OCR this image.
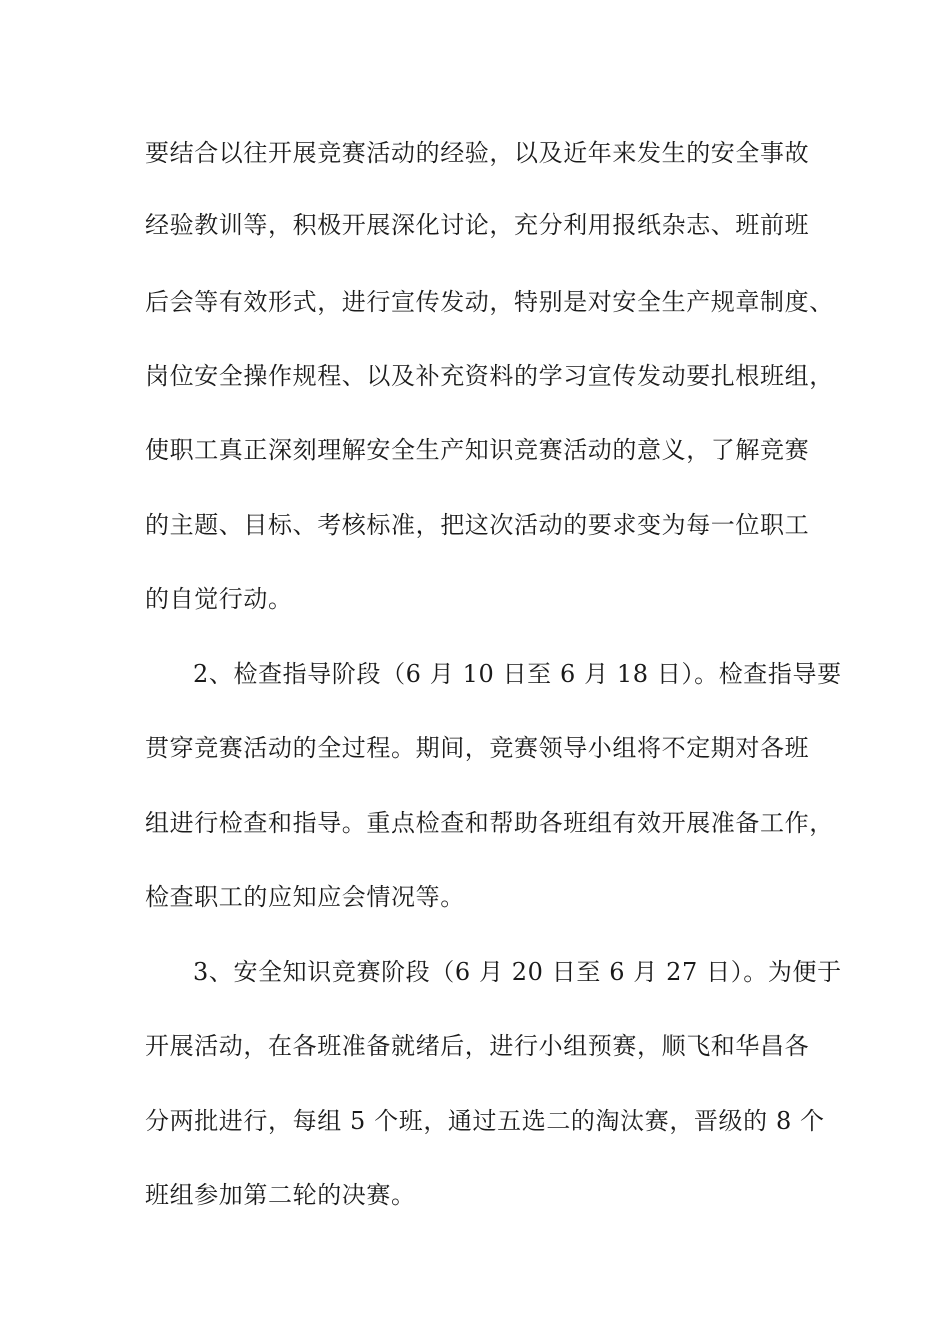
要结合以往开展竞赛活动的经验，以及近年来发生的安全事故
经验教训等，积极开展深化讨论，充分利用报纸杂志、班前班
后会等有效形式，进行宣传发动，特别是对安全生产规章制度、
岗位安全操作规程、以及补充资料的学习宣传发动要扎根班组，
使职工真正深刻理解安全生产知识竞赛活动的意义，了解竞赛
的主题、目标、考核标准，把这次活动的要求变为每一位职工
的自觉行动。
2、检查指导阶段（6 月 10 日至 6 月 18 日）。检查指导要
贯穿竞赛活动的全过程。期间，竞赛领导小组将不定期对各班
组进行检查和指导。重点检查和帮助各班组有效开展准备工作，
检查职工的应知应会情况等。
3、安全知识竞赛阶段（6 月 20 日至 6 月 27 日）。为便于
开展活动，在各班准备就绪后，进行小组预赛，顺飞和华昌各
分两批进行，每组 5 个班，通过五选二的淘汰赛，晋级的 8 个
班组参加第二轮的决赛。
